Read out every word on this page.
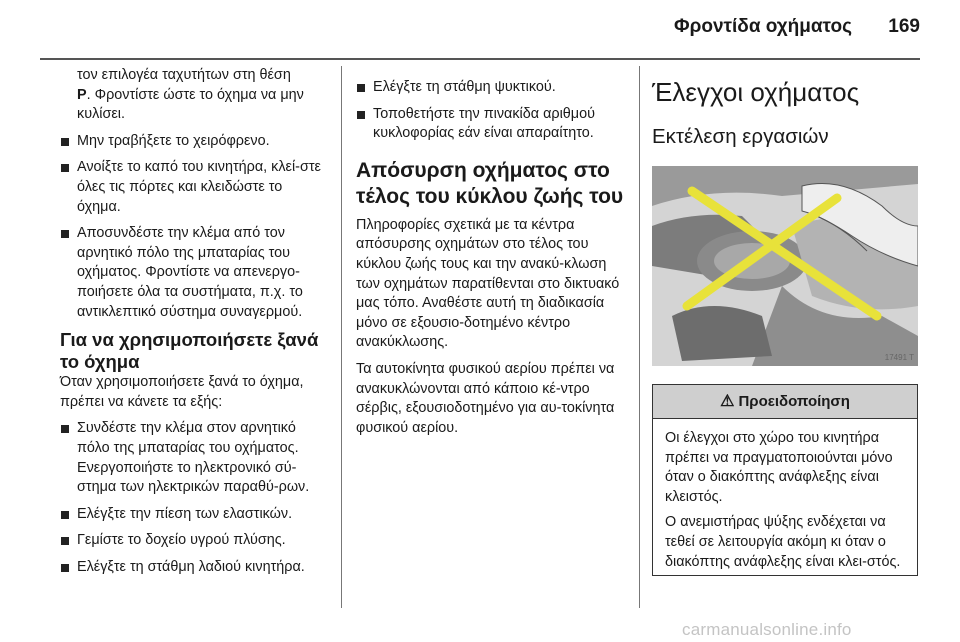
Φροντίδα οχήματος 169
τον επιλογέα ταχυτήτων στη θέση
P. Φροντίστε ώστε το όχημα να μην κυλίσει.
Μην τραβήξετε το χειρόφρενο.
Ανοίξτε το καπό του κινητήρα, κλεί-στε όλες τις πόρτες και κλειδώστε το όχημα.
Αποσυνδέστε την κλέμα από τον αρνητικό πόλο της μπαταρίας του οχήματος. Φροντίστε να απενεργο-ποιήσετε όλα τα συστήματα, π.χ. το αντικλεπτικό σύστημα συναγερμού.
Για να χρησιμοποιήσετε ξανά το όχημα
Όταν χρησιμοποιήσετε ξανά το όχημα, πρέπει να κάνετε τα εξής:
Συνδέστε την κλέμα στον αρνητικό πόλο της μπαταρίας του οχήματος. Ενεργοποιήστε το ηλεκτρονικό σύ-στημα των ηλεκτρικών παραθύ-ρων.
Ελέγξτε την πίεση των ελαστικών.
Γεμίστε το δοχείο υγρού πλύσης.
Ελέγξτε τη στάθμη λαδιού κινητήρα.
Ελέγξτε τη στάθμη ψυκτικού.
Τοποθετήστε την πινακίδα αριθμού κυκλοφορίας εάν είναι απαραίτητο.
Απόσυρση οχήματος στο τέλος του κύκλου ζωής του
Πληροφορίες σχετικά με τα κέντρα απόσυρσης οχημάτων στο τέλος του κύκλου ζωής τους και την ανακύ-κλωση των οχημάτων παρατίθενται στο δικτυακό μας τόπο. Αναθέστε αυτή τη διαδικασία μόνο σε εξουσιο-δοτημένο κέντρο ανακύκλωσης.
Τα αυτοκίνητα φυσικού αερίου πρέπει να ανακυκλώνονται από κάποιο κέ-ντρο σέρβις, εξουσιοδοτημένο για αυ-τοκίνητα φυσικού αερίου.
Έλεγχοι οχήματος
Εκτέλεση εργασιών
17491 T
⚠ Προειδοποίηση

Οι έλεγχοι στο χώρο του κινητήρα πρέπει να πραγματοποιούνται μόνο όταν ο διακόπτης ανάφλεξης είναι κλειστός.

Ο ανεμιστήρας ψύξης ενδέχεται να τεθεί σε λειτουργία ακόμη κι όταν ο διακόπτης ανάφλεξης είναι κλει-στός.

carmanualsonline.info
